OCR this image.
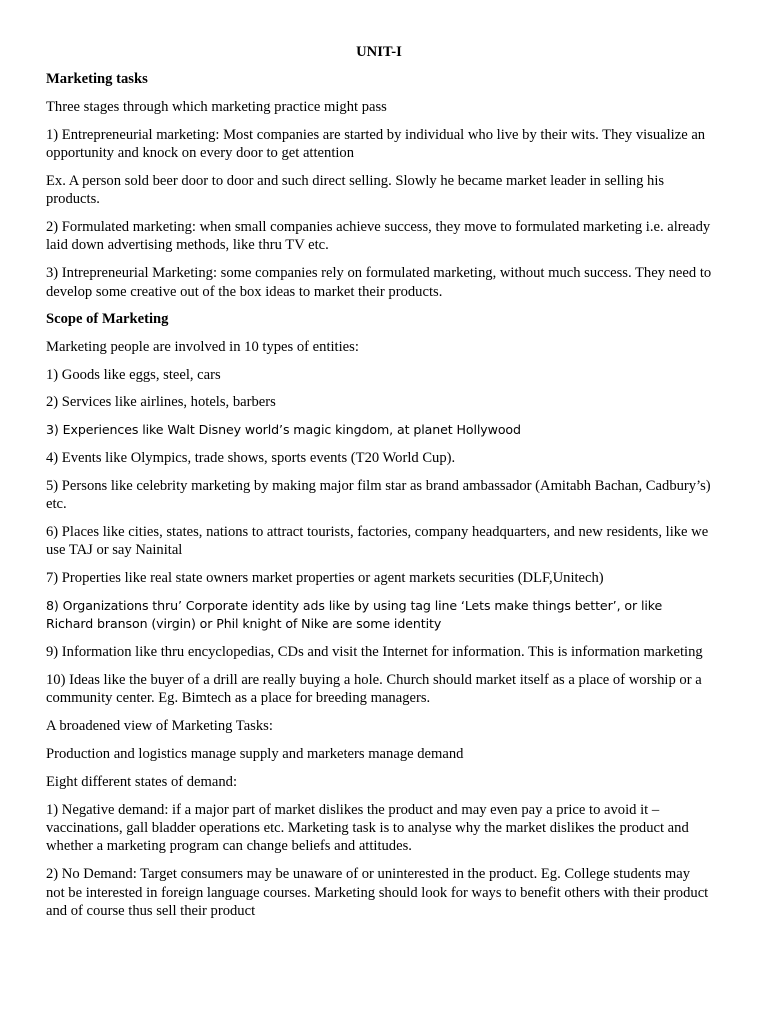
UNIT-I
Marketing tasks
Three stages through which marketing practice might pass
1) Entrepreneurial marketing: Most companies are started by individual who live by their wits. They visualize an opportunity and knock on every door to get attention
Ex. A person sold beer door to door and such direct selling. Slowly he became market leader in selling his products.
2) Formulated marketing: when small companies achieve success, they move to formulated marketing i.e. already laid down advertising methods, like thru TV etc.
3) Intrepreneurial Marketing: some companies rely on formulated marketing, without much success. They need to develop some creative out of the box ideas to market their products.
Scope of Marketing
Marketing people are involved in 10 types of entities:
1) Goods like eggs, steel, cars
2) Services like airlines, hotels, barbers
3) Experiences like Walt Disney world’s magic kingdom, at planet Hollywood
4) Events like Olympics, trade shows, sports events (T20 World Cup).
5) Persons like celebrity marketing by making major film star as brand ambassador (Amitabh Bachan, Cadbury’s) etc.
6) Places like cities, states, nations to attract tourists, factories, company headquarters, and new residents, like we use TAJ or say Nainital
7) Properties like real state owners market properties or agent markets securities (DLF,Unitech)
8) Organizations thru’ Corporate identity ads like by using tag line ‘Lets make things better’, or like Richard branson (virgin) or Phil knight of Nike are some identity
9) Information like thru encyclopedias, CDs and visit the Internet for information. This is information marketing
10) Ideas like the buyer of a drill are really buying a hole. Church should market itself as a place of worship or a community center. Eg. Bimtech as a place for breeding managers.
A broadened view of Marketing Tasks:
Production and logistics manage supply and marketers manage demand
Eight different states of demand:
1) Negative demand: if a major part of market dislikes the product and may even pay a price to avoid it – vaccinations, gall bladder operations etc. Marketing task is to analyse why the market dislikes the product and whether a marketing program can change beliefs and attitudes.
2) No Demand: Target consumers may be unaware of or uninterested in the product. Eg. College students may not be interested in foreign language courses. Marketing should look for ways to benefit others with their product and of course thus sell their product
